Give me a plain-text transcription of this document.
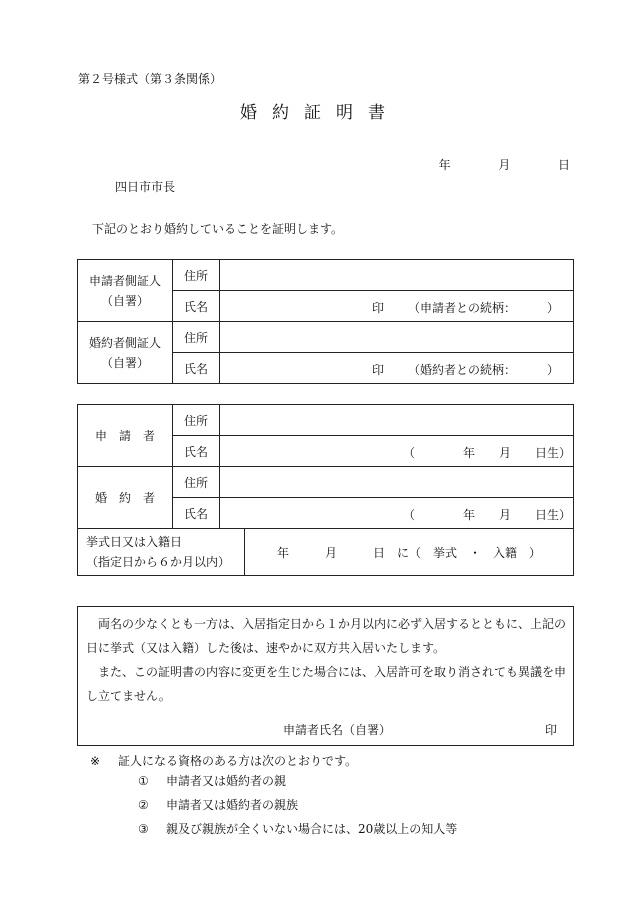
第２号様式（第３条関係）
婚約証明書
年	月	日
四日市市長
下記のとおり婚約していることを証明します。
申請者側証人
（自署）	住所	
	氏名	印 （申請者との続柄： ）

婚約者側証人
（自署）	住所	
	氏名	印 （婚約者との続柄： ）
申　請　者	住所		
	氏名	（　　　　年　　月　　日生）	

婚　約　者	住所		
	氏名	（　　　　年　　月　　日生）	

挙式日又は入籍日
（指定日から６か月以内）			年　　　月　　　日　に（　挙式　・　入籍　）

両名の少なくとも一方は、入居指定日から１か月以内に必ず入居するとともに、上記の日に挙式（又は入籍）した後は、速やかに双方共入居いたします。

また、この証明書の内容に変更を生じた場合には、入居許可を取り消されても異議を申し立てません。

申請者氏名（自署）	印
※ 証人になる資格のある方は次のとおりです。
① 申請者又は婚約者の親
② 申請者又は婚約者の親族
③ 親及び親族が全くいない場合には、20歳以上の知人等
